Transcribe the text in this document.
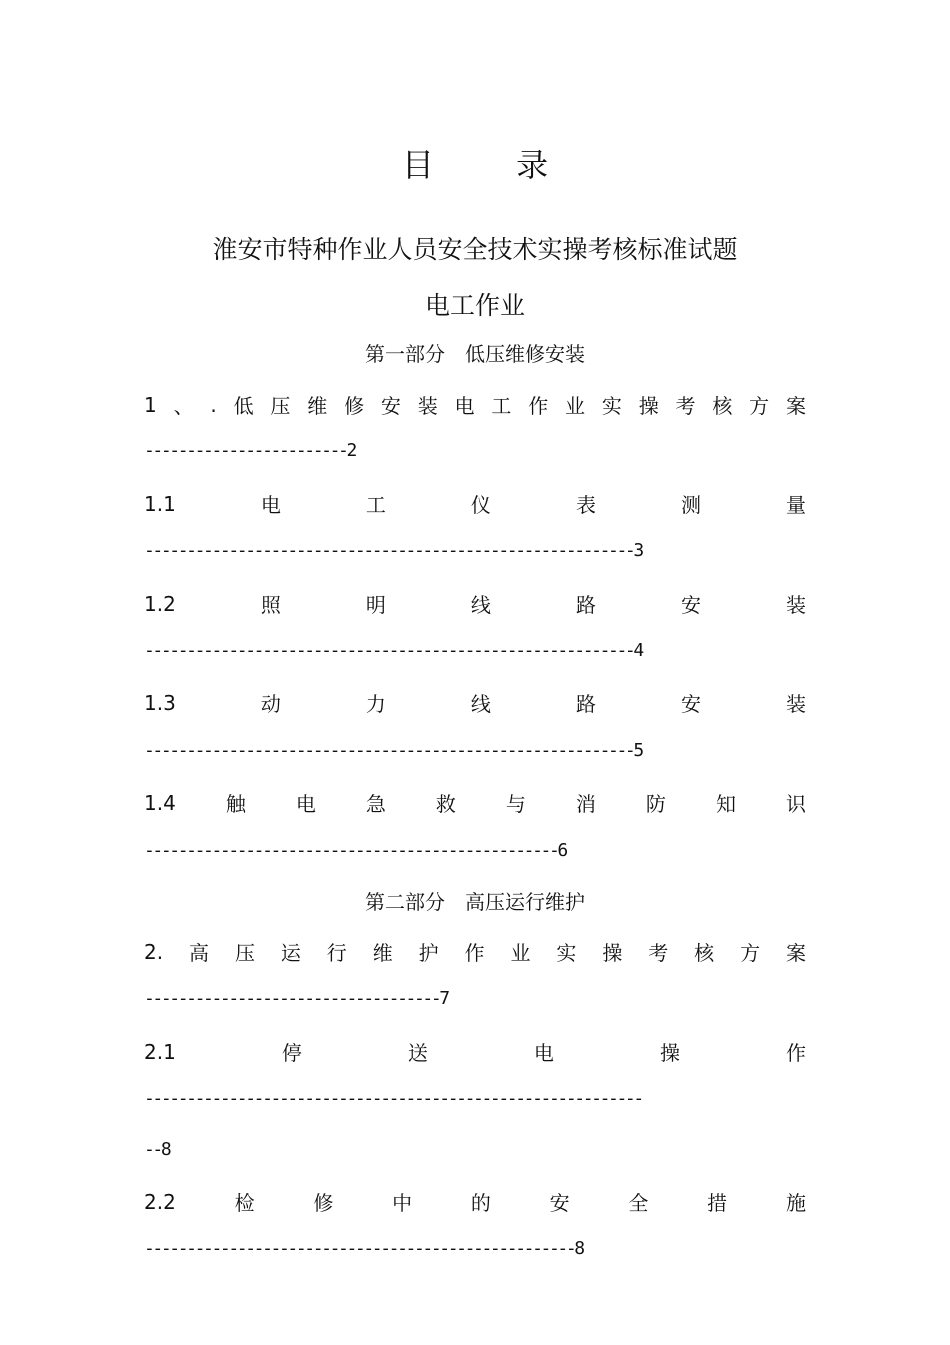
目 录
淮安市特种作业人员安全技术实操考核标准试题
电工作业
第一部分　低压维修安装
1 、 . 低 压 维 修 安 装 电 工 作 业 实 操 考 核 方 案
------------------------2
1.1	电	工	仪	表	测	量
----------------------------------------------------------3
1.2	照	明	线	路	安	装
----------------------------------------------------------4
1.3	动	力	线	路	安	装
----------------------------------------------------------5
1.4	触	电	急	救	与	消	防	知	识
-------------------------------------------------6
第二部分　高压运行维护
2. 高 压 运 行 维 护 作 业 实 操 考 核 方 案
-----------------------------------7
2.1	停	送	电	操	作
-----------------------------------------------------------
--8
2.2	检	修	中	的	安	全	措	施
---------------------------------------------------8
